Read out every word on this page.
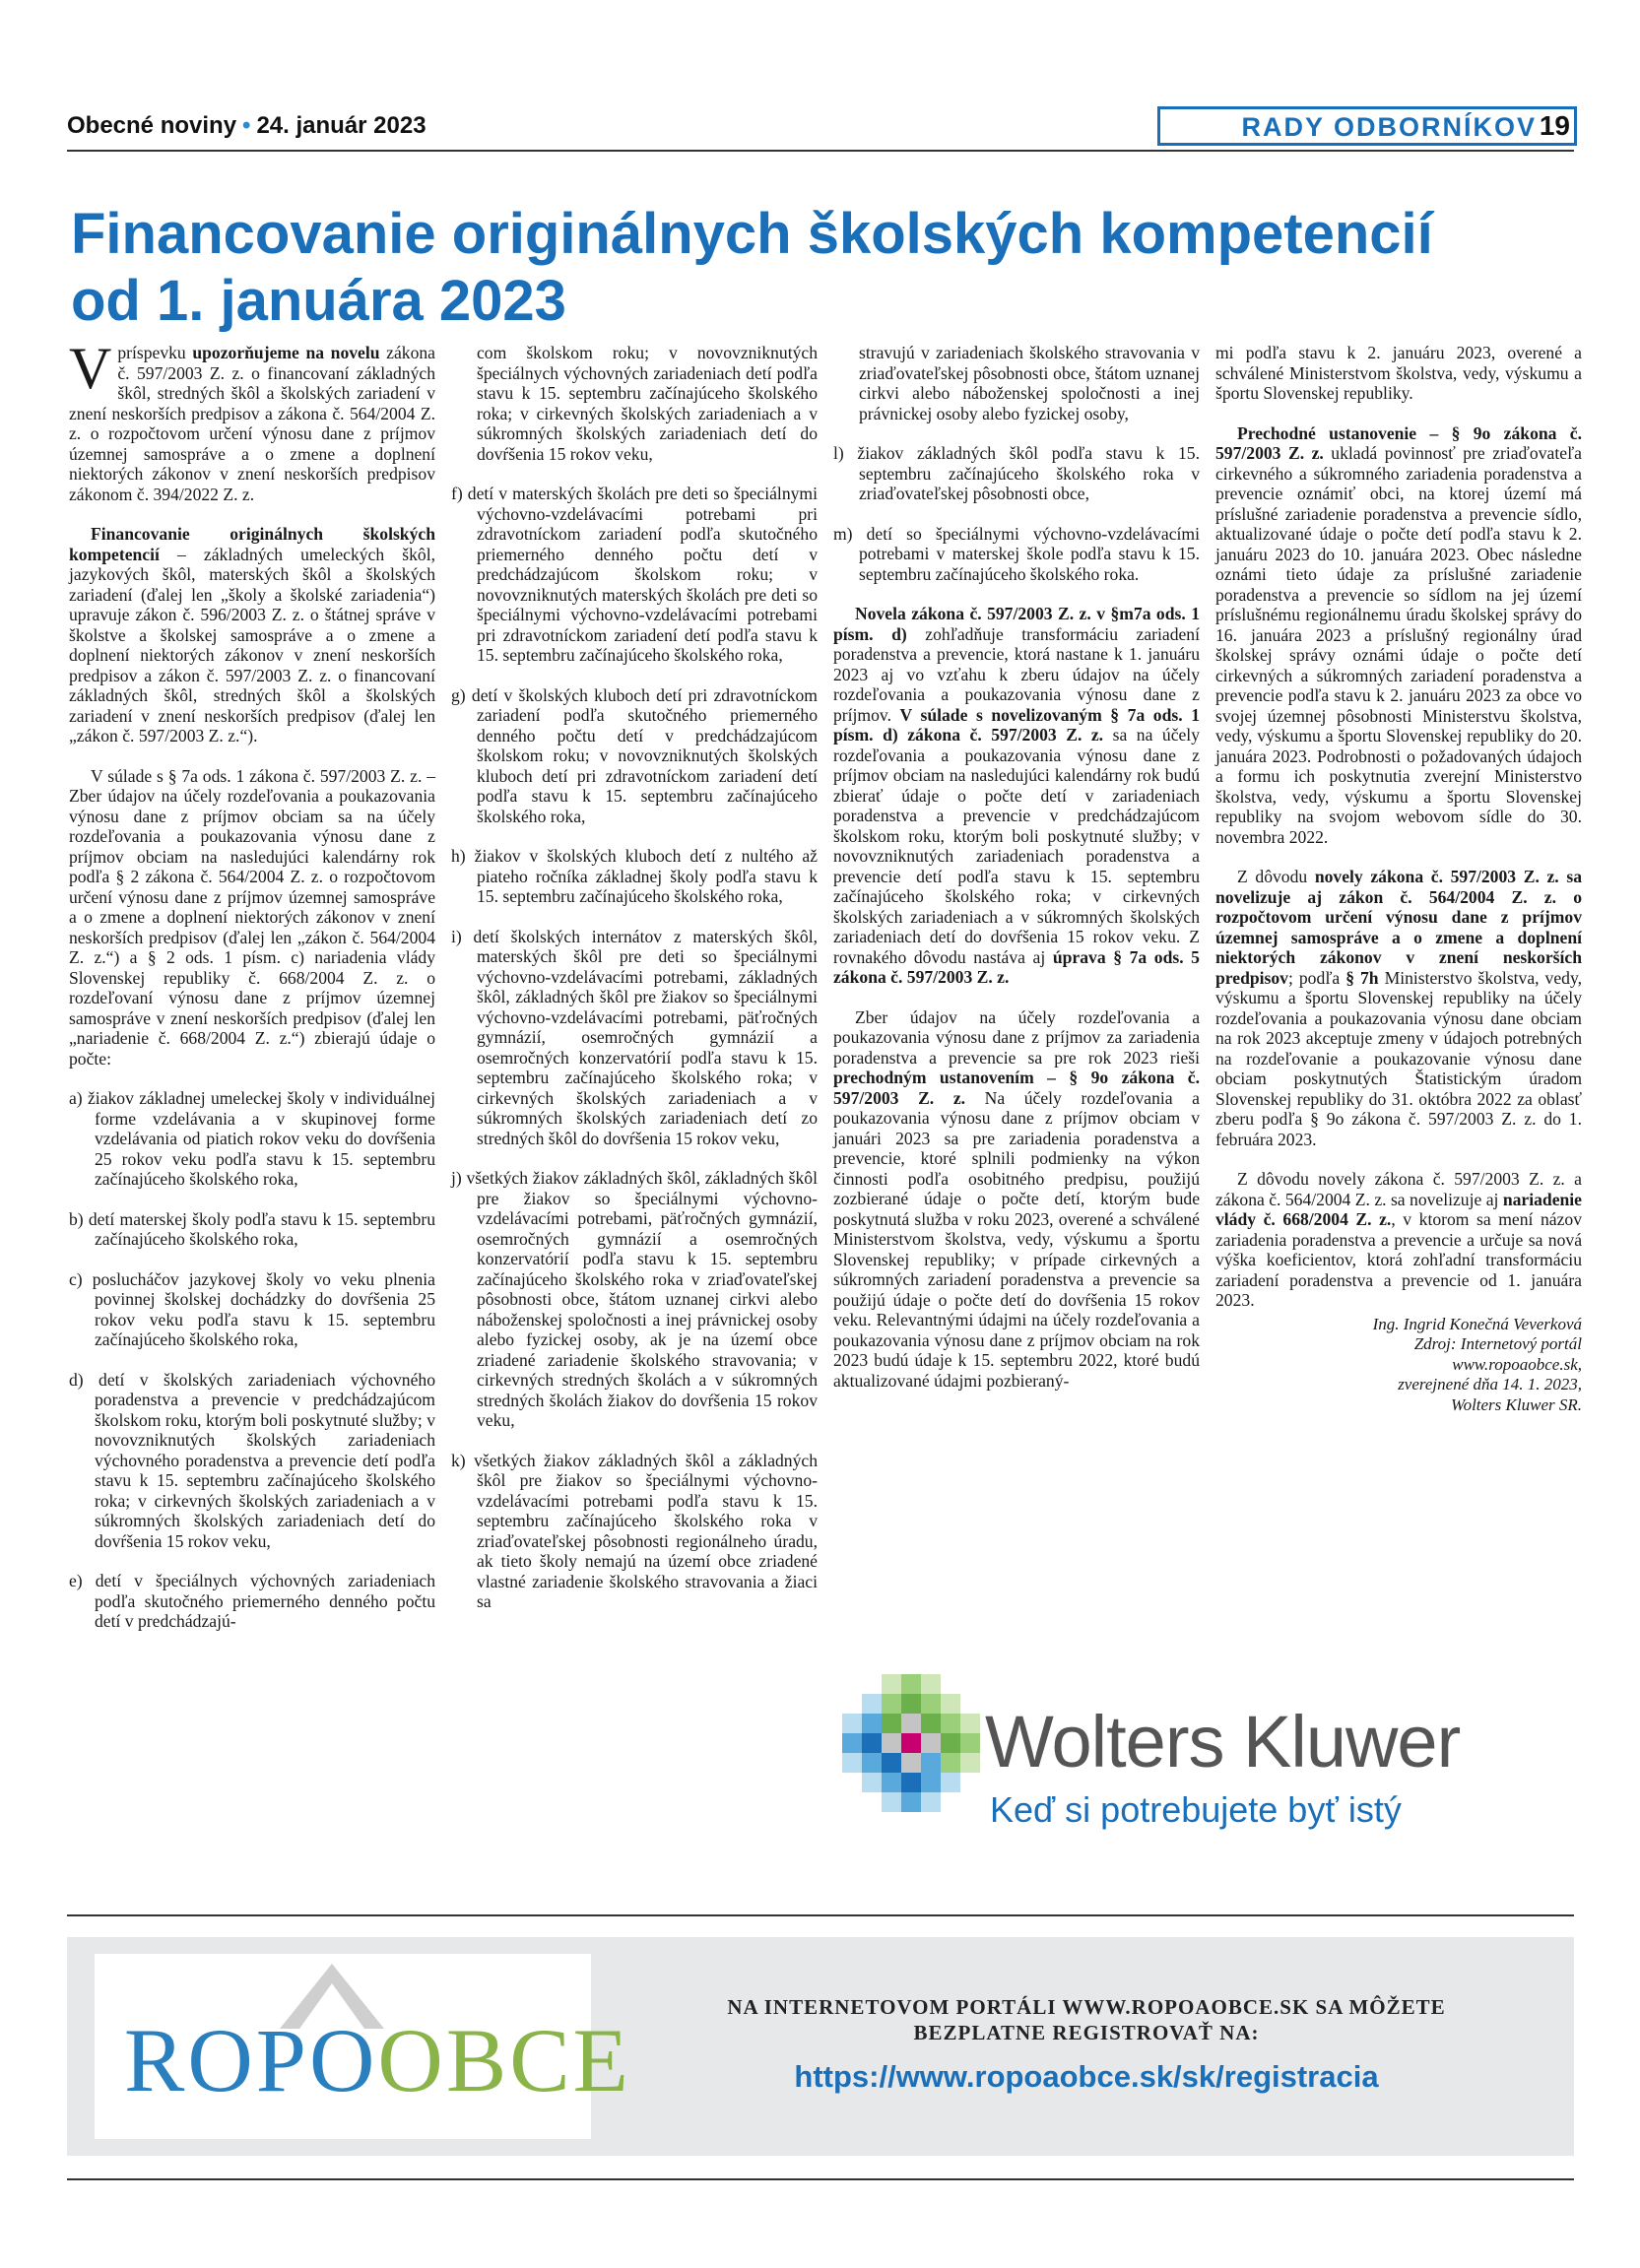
Obecné noviny • 24. január 2023	RADY ODBORNÍKOV 19
Financovanie originálnych školských kompetencií
od 1. januára 2023

V príspevku upozorňujeme na novelu zákona č. 597/2003 Z. z. o financovaní základných škôl, stredných škôl a školských zariadení v znení neskorších predpisov a zákona č. 564/2004 Z. z. o rozpočtovom určení výnosu dane z príjmov územnej samospráve a o zmene a doplnení niektorých zákonov v znení neskorších predpisov zákonom č. 394/2022 Z. z.

Financovanie originálnych školských kompetencií – základných umeleckých škôl, jazykových škôl, materských škôl a školských zariadení (ďalej len „školy a školské zariadenia“) upravuje zákon č. 596/2003 Z. z. o štátnej správe v školstve a školskej samospráve a o zmene a doplnení niektorých zákonov v znení neskorších predpisov a zákon č. 597/2003 Z. z. o financovaní základných škôl, stredných škôl a školských zariadení v znení neskorších predpisov (ďalej len „zákon č. 597/2003 Z. z.“).

V súlade s § 7a ods. 1 zákona č. 597/2003 Z. z. – Zber údajov na účely rozdeľovania a poukazovania výnosu dane z príjmov obciam sa na účely rozdeľovania a poukazovania výnosu dane z príjmov obciam na nasledujúci kalendárny rok podľa § 2 zákona č. 564/2004 Z. z. o rozpočtovom určení výnosu dane z príjmov územnej samospráve a o zmene a doplnení niektorých zákonov v znení neskorších predpisov (ďalej len „zákon č. 564/2004 Z. z.“) a § 2 ods. 1 písm. c) nariadenia vlády Slovenskej republiky č. 668/2004 Z. z. o rozdeľovaní výnosu dane z príjmov územnej samospráve v znení neskorších predpisov (ďalej len „nariadenie č. 668/2004 Z. z.“) zbierajú údaje o počte:

a) žiakov základnej umeleckej školy v individuálnej forme vzdelávania a v skupinovej forme vzdelávania od piatich rokov veku do dovŕšenia 25 rokov veku podľa stavu k 15. septembru začínajúceho školského roka,

b) detí materskej školy podľa stavu k 15. septembru začínajúceho školského roka,

c) poslucháčov jazykovej školy vo veku plnenia povinnej školskej dochádzky do dovŕšenia 25 rokov veku podľa stavu k 15. septembru začínajúceho školského roka,

d) detí v školských zariadeniach výchovného poradenstva a prevencie v predchádzajúcom školskom roku, ktorým boli poskytnuté služby; v novovzniknutých školských zariadeniach výchovného poradenstva a prevencie detí podľa stavu k 15. septembru začínajúceho školského roka; v cirkevných školských zariadeniach a v súkromných školských zariadeniach detí do dovŕšenia 15 rokov veku,

e) detí v špeciálnych výchovných zariadeniach podľa skutočného priemerného denného počtu detí v predchádzajú-

com školskom roku; v novovzniknutých špeciálnych výchovných zariadeniach detí podľa stavu k 15. septembru začínajúceho školského roka; v cirkevných školských zariadeniach a v súkromných školských zariadeniach detí do dovŕšenia 15 rokov veku,

f) detí v materských školách pre deti so špeciálnymi výchovno-vzdelávacími potrebami pri zdravotníckom zariadení podľa skutočného priemerného denného počtu detí v predchádzajúcom školskom roku; v novovzniknutých materských školách pre deti so špeciálnymi výchovno-vzdelávacími potrebami pri zdravotníckom zariadení detí podľa stavu k 15. septembru začínajúceho školského roka,

g) detí v školských kluboch detí pri zdravotníckom zariadení podľa skutočného priemerného denného počtu detí v predchádzajúcom školskom roku; v novovzniknutých školských kluboch detí pri zdravotníckom zariadení detí podľa stavu k 15. septembru začínajúceho školského roka,

h) žiakov v školských kluboch detí z nultého až piateho ročníka základnej školy podľa stavu k 15. septembru začínajúceho školského roka,

i) detí školských internátov z materských škôl, materských škôl pre deti so špeciálnymi výchovno-vzdelávacími potrebami, základných škôl, základných škôl pre žiakov so špeciálnymi výchovno-vzdelávacími potrebami, päťročných gymnázií, osemročných gymnázií a osemročných konzervatórií podľa stavu k 15. septembru začínajúceho školského roka; v cirkevných školských zariadeniach a v súkromných školských zariadeniach detí zo stredných škôl do dovŕšenia 15 rokov veku,

j) všetkých žiakov základných škôl, základných škôl pre žiakov so špeciálnymi výchovno-vzdelávacími potrebami, päťročných gymnázií, osemročných gymnázií a osemročných konzervatórií podľa stavu k 15. septembru začínajúceho školského roka v zriaďovateľskej pôsobnosti obce, štátom uznanej cirkvi alebo náboženskej spoločnosti a inej právnickej osoby alebo fyzickej osoby, ak je na území obce zriadené zariadenie školského stravovania; v cirkevných stredných školách a v súkromných stredných školách žiakov do dovŕšenia 15 rokov veku,

k) všetkých žiakov základných škôl a základných škôl pre žiakov so špeciálnymi výchovno-vzdelávacími potrebami podľa stavu k 15. septembru začínajúceho školského roka v zriaďovateľskej pôsobnosti regionálneho úradu, ak tieto školy nemajú na území obce zriadené vlastné zariadenie školského stravovania a žiaci sa

stravujú v zariadeniach školského stravovania v zriaďovateľskej pôsobnosti obce, štátom uznanej cirkvi alebo náboženskej spoločnosti a inej právnickej osoby alebo fyzickej osoby,

l) žiakov základných škôl podľa stavu k 15. septembru začínajúceho školského roka v zriaďovateľskej pôsobnosti obce,

m) detí so špeciálnymi výchovno-vzdelávacími potrebami v materskej škole podľa stavu k 15. septembru začínajúceho školského roka.

Novela zákona č. 597/2003 Z. z. v §m7a ods. 1 písm. d) zohľadňuje transformáciu zariadení poradenstva a prevencie, ktorá nastane k 1. januáru 2023 aj vo vzťahu k zberu údajov na účely rozdeľovania a poukazovania výnosu dane z príjmov. V súlade s novelizovaným § 7a ods. 1 písm. d) zákona č. 597/2003 Z. z. sa na účely rozdeľovania a poukazovania výnosu dane z príjmov obciam na nasledujúci kalendárny rok budú zbierať údaje o počte detí v zariadeniach poradenstva a prevencie v predchádzajúcom školskom roku, ktorým boli poskytnuté služby; v novovzniknutých zariadeniach poradenstva a prevencie detí podľa stavu k 15. septembru začínajúceho školského roka; v cirkevných školských zariadeniach a v súkromných školských zariadeniach detí do dovŕšenia 15 rokov veku. Z rovnakého dôvodu nastáva aj úprava § 7a ods. 5 zákona č. 597/2003 Z. z.

Zber údajov na účely rozdeľovania a poukazovania výnosu dane z príjmov za zariadenia poradenstva a prevencie sa pre rok 2023 rieši prechodným ustanovením – § 9o zákona č. 597/2003 Z. z. Na účely rozdeľovania a poukazovania výnosu dane z príjmov obciam v januári 2023 sa pre zariadenia poradenstva a prevencie, ktoré splnili podmienky na výkon činnosti podľa osobitného predpisu, použijú zozbierané údaje o počte detí, ktorým bude poskytnutá služba v roku 2023, overené a schválené Ministerstvom školstva, vedy, výskumu a športu Slovenskej republiky; v prípade cirkevných a súkromných zariadení poradenstva a prevencie sa použijú údaje o počte detí do dovŕšenia 15 rokov veku. Relevantnými údajmi na účely rozdeľovania a poukazovania výnosu dane z príjmov obciam na rok 2023 budú údaje k 15. septembru 2022, ktoré budú aktualizované údajmi pozbieraný-

mi podľa stavu k 2. januáru 2023, overené a schválené Ministerstvom školstva, vedy, výskumu a športu Slovenskej republiky.

Prechodné ustanovenie – § 9o zákona č. 597/2003 Z. z. ukladá povinnosť pre zriaďovateľa cirkevného a súkromného zariadenia poradenstva a prevencie oznámiť obci, na ktorej území má príslušné zariadenie poradenstva a prevencie sídlo, aktualizované údaje o počte detí podľa stavu k 2. januáru 2023 do 10. januára 2023. Obec následne oznámi tieto údaje za príslušné zariadenie poradenstva a prevencie so sídlom na jej území príslušnému regionálnemu úradu školskej správy do 16. januára 2023 a príslušný regionálny úrad školskej správy oznámi údaje o počte detí cirkevných a súkromných zariadení poradenstva a prevencie podľa stavu k 2. januáru 2023 za obce vo svojej územnej pôsobnosti Ministerstvu školstva, vedy, výskumu a športu Slovenskej republiky do 20. januára 2023. Podrobnosti o požadovaných údajoch a formu ich poskytnutia zverejní Ministerstvo školstva, vedy, výskumu a športu Slovenskej republiky na svojom webovom sídle do 30. novembra 2022.

Z dôvodu novely zákona č. 597/2003 Z. z. sa novelizuje aj zákon č. 564/2004 Z. z. o rozpočtovom určení výnosu dane z príjmov územnej samospráve a o zmene a doplnení niektorých zákonov v znení neskorších predpisov; podľa § 7h Ministerstvo školstva, vedy, výskumu a športu Slovenskej republiky na účely rozdeľovania a poukazovania výnosu dane obciam na rok 2023 akceptuje zmeny v údajoch potrebných na rozdeľovanie a poukazovanie výnosu dane obciam poskytnutých Štatistickým úradom Slovenskej republiky do 31. októbra 2022 za oblasť zberu podľa § 9o zákona č. 597/2003 Z. z. do 1. februára 2023.

Z dôvodu novely zákona č. 597/2003 Z. z. a zákona č. 564/2004 Z. z. sa novelizuje aj nariadenie vlády č. 668/2004 Z. z., v ktorom sa mení názov zariadenia poradenstva a prevencie a určuje sa nová výška koeficientov, ktorá zohľadní transformáciu zariadení poradenstva a prevencie od 1. januára 2023.

Ing. Ingrid Konečná Veverková
Zdroj: Internetový portál
www.ropoaobce.sk,
zverejnené dňa 14. 1. 2023,
Wolters Kluwer SR.
Wolters Kluwer
Keď si potrebujete byť istý
ROPOOBCE
NA INTERNETOVOM PORTÁLI WWW.ROPOAOBCE.SK SA MÔŽETE
BEZPLATNE REGISTROVAŤ NA:
https://www.ropoaobce.sk/sk/registracia
